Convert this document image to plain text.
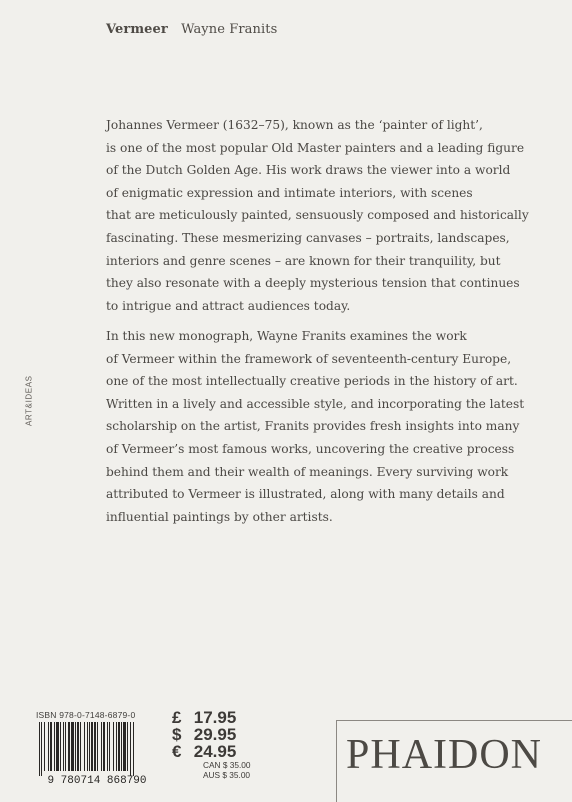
Vermeer Wayne Franits
Johannes Vermeer (1632–75), known as the ‘painter of light’,
is one of the most popular Old Master painters and a leading figure
of the Dutch Golden Age. His work draws the viewer into a world
of enigmatic expression and intimate interiors, with scenes
that are meticulously painted, sensuously composed and historically
fascinating. These mesmerizing canvases – portraits, landscapes,
interiors and genre scenes – are known for their tranquility, but
they also resonate with a deeply mysterious tension that continues
to intrigue and attract audiences today.
In this new monograph, Wayne Franits examines the work
of Vermeer within the framework of seventeenth-century Europe,
one of the most intellectually creative periods in the history of art.
Written in a lively and accessible style, and incorporating the latest
scholarship on the artist, Franits provides fresh insights into many
of Vermeer’s most famous works, uncovering the creative process
behind them and their wealth of meanings. Every surviving work
attributed to Vermeer is illustrated, along with many details and
influential paintings by other artists.
ART&IDEAS
ISBN 978-0-7148-6879-0
9 780714 868790
£ 17.95
$ 29.95
€ 24.95
CAN $ 35.00
AUS $ 35.00	PHAIDON
